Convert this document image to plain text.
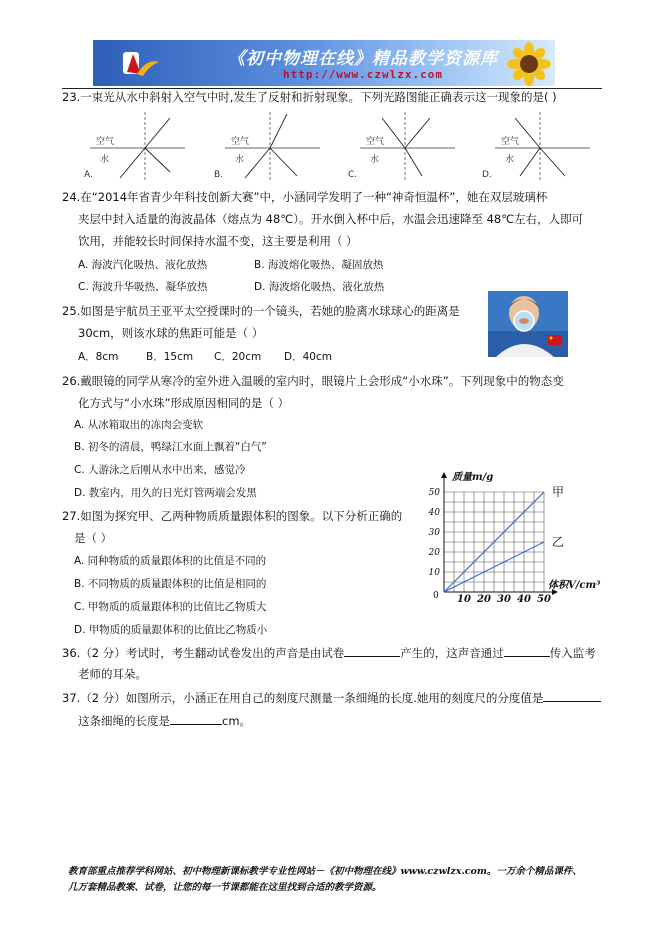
《初中物理在线》精品教学资源库
http://www.czwlzx.com
23.一束光从水中斜射入空气中时,发生了反射和折射现象。下列光路图能正确表示这一现象的是( )
空气
水
空气
水
空气
水
空气
水
A.	B.	C.	D.
24.在“2014年省青少年科技创新大赛”中，小涵同学发明了一种“神奇恒温杯”，她在双层玻璃杯
夹层中封入适量的海波晶体（熔点为 48℃）。开水倒入杯中后，水温会迅速降至 48℃左右，人即可
饮用，并能较长时间保持水温不变，这主要是利用（ ）
A. 海波汽化吸热、液化放热	B. 海波熔化吸热、凝固放热
C. 海波升华吸热、凝华放热	D. 海波熔化吸热、液化放热
25.如图是宇航员王亚平太空授课时的一个镜头，若她的脸离水球球心的距离是
30cm，则该水球的焦距可能是（ ）
A．8cm	B．15cm C．20cm D．40cm
26.戴眼镜的同学从寒冷的室外进入温暖的室内时，眼镜片上会形成“小水珠”。下列现象中的物态变
化方式与“小水珠”形成原因相同的是（ ）
A. 从冰箱取出的冻肉会变软
B. 初冬的清晨，鸭绿江水面上飘着“白气”
C. 人游泳之后刚从水中出来，感觉冷
D. 教室内，用久的日光灯管两端会发黑
27.如图为探究甲、乙两种物质质量跟体积的图象。以下分析正确的
是（ ）
A. 同种物质的质量跟体积的比值是不同的
B. 不同物质的质量跟体积的比值是相同的
C. 甲物质的质量跟体积的比值比乙物质大
D. 甲物质的质量跟体积的比值比乙物质小
质量m/g
体积V/cm³
0
甲
乙
10 20 30 40 50
10
20
30
40
50
36.（2 分）考试时，考生翻动试卷发出的声音是由试卷	产生的，这声音通过	传入监考
老师的耳朵。
37.（2 分）如图所示，小涵正在用自己的刻度尺测量一条细绳的长度.她用的刻度尺的分度值是
这条细绳的长度是	cm。
教育部重点推荐学科网站、初中物理新课标教学专业性网站－《初中物理在线》www.czwlzx.com。一万余个精品课件、
几万套精品教案、试卷，让您的每一节课都能在这里找到合适的教学资源。
